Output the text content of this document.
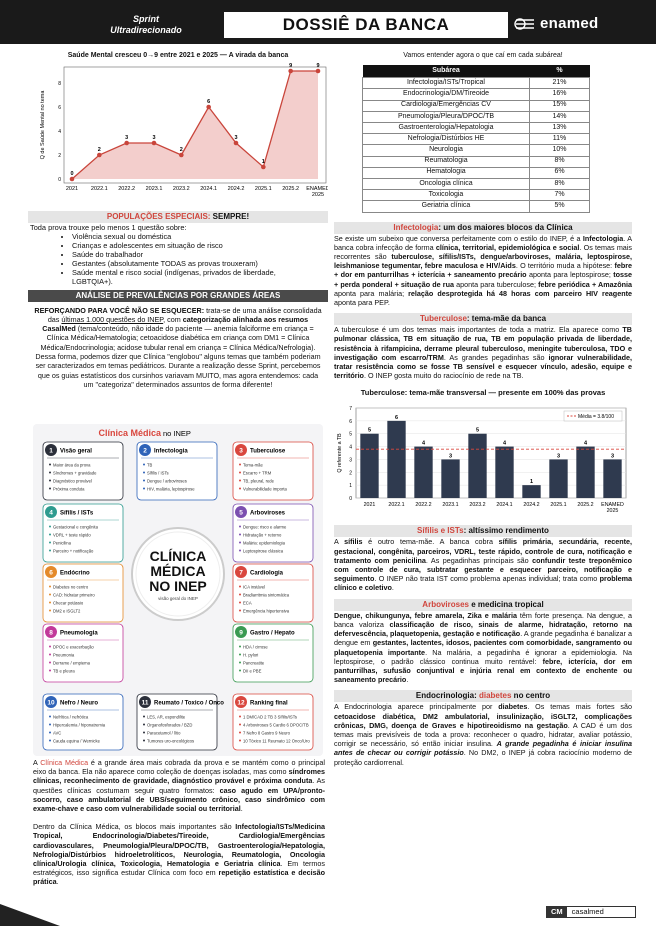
Sprint
Ultradirecionado	DOSSIÊ DA BANCA	enamed
Saúde Mental cresceu 0→9 entre 2021 e 2025 — A virada da banca
0
2021
2
2022.1
3
2022.2
3
2023.1
2
2023.2
6
2024.1
3
2024.2
1
2025.1
9
2025.2
9
ENAMED
2025
Q de Saúde Mental no tema
0
2
4
6
8
POPULAÇÕES ESPECIAIS: SEMPRE!
Toda prova trouxe pelo menos 1 questão sobre:
• Violência sexual ou doméstica
• Crianças e adolescentes em situação de risco
• Saúde do trabalhador
• Gestantes (absolutamente TODAS as provas trouxeram)
• Saúde mental e risco social (indígenas, privados de liberdade,
LGBTQIA+).
ANÁLISE DE PREVALÊNCIAS POR GRANDES ÁREAS
REFORÇANDO PARA VOCÊ NÃO SE ESQUECER: trata-se de uma análise consolidada das últimas 1.000 questões do INEP, com categorização alinhada aos resumos CasalMed (tema/conteúdo, não idade do paciente — anemia falciforme em criança = Clínica Médica/Hematologia; cetoacidose diabética em criança com DM1 = Clínica Médica/Endocrinologia; acidose tubular renal em criança = Clínica Médica/Nefrologia). Dessa forma, podemos dizer que Clínica "englobou" alguns temas que também poderiam ser caracterizados em temas pediátricos. Durante a realização desse Sprint, percebemos que os guias estatísticos dos cursinhos variavam MUITO, mas agora entendemos: cada um "categoriza" determinados assuntos de forma diferente!
Clínica Médica no INEP
1 Visão geral
Maior área da prova
Síndromes + gravidade
Diagnóstico provável
Próxima conduta
2 Infectologia
TB
Sífilis / ISTs
Dengue / arboviroses
HIV, malária, leptospirose
3 Tuberculose
Tema-mãe
Escarro + TRM
TB, pleural, rede
Vulnerabilidade importa
4 Sífilis / ISTs
Gestacional e congênita
VDRL + teste rápido
Penicilina
Parceiro + notificação
5 Arboviroses
Dengue: risco e alarme
Hidratação + retorno
Malária: epidemiologia
Leptospirose clássica
6 Endócrino
Diabetes no centro
CAD: hidratar primeiro
Checar potássio
DM2 e iSGLT2
7 Cardiologia
ICA instável
Bradiarritmia sintomática
ECA
Emergência hipertensiva
8 Pneumologia
DPOC e exacerbação
Pneumonia
Derrame / empiema
TB e pleura
9 Gastro / Hepato
HDA / cirrose
H. pylori
Pancreatite
DII e PBE
10 Nefro / Neuro
Nefrítica / nefrótica
Hipercalemia / hiponatremia
AVC
Cauda equina / Wernicke
11 Reumato / Toxico / Onco
LES, AR, espondilite
Organofosforados / BZD
Paracetamol / lítio
Tumores uro-oncológicos
12 Ranking final
1 DM/CAD 2 TB 3 Sífilis/ISTs
4 Arboviroses 5 Cardio 6 DPOC/TB
7 Nefro 8 Gastro 9 Neuro
10 Tóxico 11 Reumato 12 Onco/Uro
CLÍNICA
MÉDICA
NO INEP
visão geral do INEP
A Clínica Médica é a grande área mais cobrada da prova e se mantém como o principal eixo da banca. Ela não aparece como coleção de doenças isoladas, mas como síndromes clínicas, reconhecimento de gravidade, diagnóstico provável e próxima conduta. As questões clínicas costumam seguir quatro formatos: caso agudo em UPA/pronto-socorro, caso ambulatorial de UBS/seguimento crônico, caso sindrômico com exame-chave e caso com vulnerabilidade social ou territorial.
Dentro da Clínica Médica, os blocos mais importantes são Infectologia/ISTs/Medicina Tropical, Endocrinologia/Diabetes/Tireoide, Cardiologia/Emergências cardiovasculares, Pneumologia/Pleura/DPOC/TB, Gastroenterologia/Hepatologia, Nefrologia/Distúrbios hidroeletrolíticos, Neurologia, Reumatologia, Oncologia clínica/Urologia clínica, Toxicologia, Hematologia e Geriatria clínica. Em termos estratégicos, isso significa estudar Clínica com foco em repetição estatística e decisão prática.
Vamos entender agora o que caí em cada subárea!
Subárea	%
Infectologia/ISTs/Tropical	21%
Endocrinologia/DM/Tireoide	16%
Cardiologia/Emergências CV	15%
Pneumologia/Pleura/DPOC/TB	14%
Gastroenterologia/Hepatologia	13%
Nefrologia/Distúrbios HE	11%
Neurologia	10%
Reumatologia	8%
Hematologia	6%
Oncologia clínica	8%
Toxicologia	7%
Geriatria clínica	5%
Infectologia: um dos maiores blocos da Clínica
Se existe um subeixo que conversa perfeitamente com o estilo do INEP, é a Infectologia. A banca cobra infecção de forma clínica, territorial, epidemiológica e social. Os temas mais recorrentes são tuberculose, sífilis/ISTs, dengue/arboviroses, malária, leptospirose, leishmaniose tegumentar, febre maculosa e HIV/Aids. O território muda a hipótese: febre + dor em panturrilhas + icterícia + saneamento precário aponta para leptospirose; tosse + perda ponderal + situação de rua aponta para tuberculose; febre periódica + Amazônia aponta para malária; relação desprotegida há 48 horas com parceiro HIV reagente aponta para PEP.
Tuberculose: tema-mãe da banca
A tuberculose é um dos temas mais importantes de toda a matriz. Ela aparece como TB pulmonar clássica, TB em situação de rua, TB em população privada de liberdade, resistência à rifampicina, derrame pleural tuberculoso, meningite tuberculosa, TDO e investigação com escarro/TRM. As grandes pegadinhas são ignorar vulnerabilidade, tratar resistência como se fosse TB sensível e esquecer vínculo, adesão, equipe e território. O INEP gosta muito do raciocínio de rede na TB.
Tuberculose: tema-mãe transversal — presente em 100% das provas
0
1
2
3
4
5
6
7
5
2021
6
2022.1
4
2022.2
3
2023.1
5
2023.2
4
2024.1
1
2024.2
3
2025.1
4
2025.2
3
ENAMED
2025
Média = 3.8/100
Q referente a TB
Sífilis e ISTs: altíssimo rendimento
A sífilis é outro tema-mãe. A banca cobra sífilis primária, secundária, recente, gestacional, congênita, parceiros, VDRL, teste rápido, controle de cura, notificação e tratamento com penicilina. As pegadinhas principais são confundir teste treponêmico com controle de cura, subtratar gestante e esquecer parceiro, notificação e seguimento. O INEP não trata IST como problema apenas individual; trata como problema clínico e coletivo.
Arboviroses e medicina tropical
Dengue, chikungunya, febre amarela, Zika e malária têm forte presença. Na dengue, a banca valoriza classificação de risco, sinais de alarme, hidratação, retorno na defervescência, plaquetopenia, gestação e notificação. A grande pegadinha é banalizar a dengue em gestantes, lactentes, idosos, pacientes com comorbidade, sangramento ou plaquetopenia importante. Na malária, a pegadinha é ignorar a epidemiologia. Na leptospirose, o padrão clássico continua muito rentável: febre, icterícia, dor em panturrilhas, sufusão conjuntival e injúria renal em contexto de enchente ou saneamento precário.
Endocrinologia: diabetes no centro
A Endocrinologia aparece principalmente por diabetes. Os temas mais fortes são cetoacidose diabética, DM2 ambulatorial, insulinização, iSGLT2, complicações crônicas, DMG, doença de Graves e hipotireoidismo na gestação. A CAD é um dos temas mais previsíveis de toda a prova: reconhecer o quadro, hidratar, avaliar potássio, corrigir se necessário, só então iniciar insulina. A grande pegadinha é iniciar insulina antes de checar ou corrigir potássio. No DM2, o INEP já cobra raciocínio moderno de proteção cardiorrenal.
CM	casalmed
